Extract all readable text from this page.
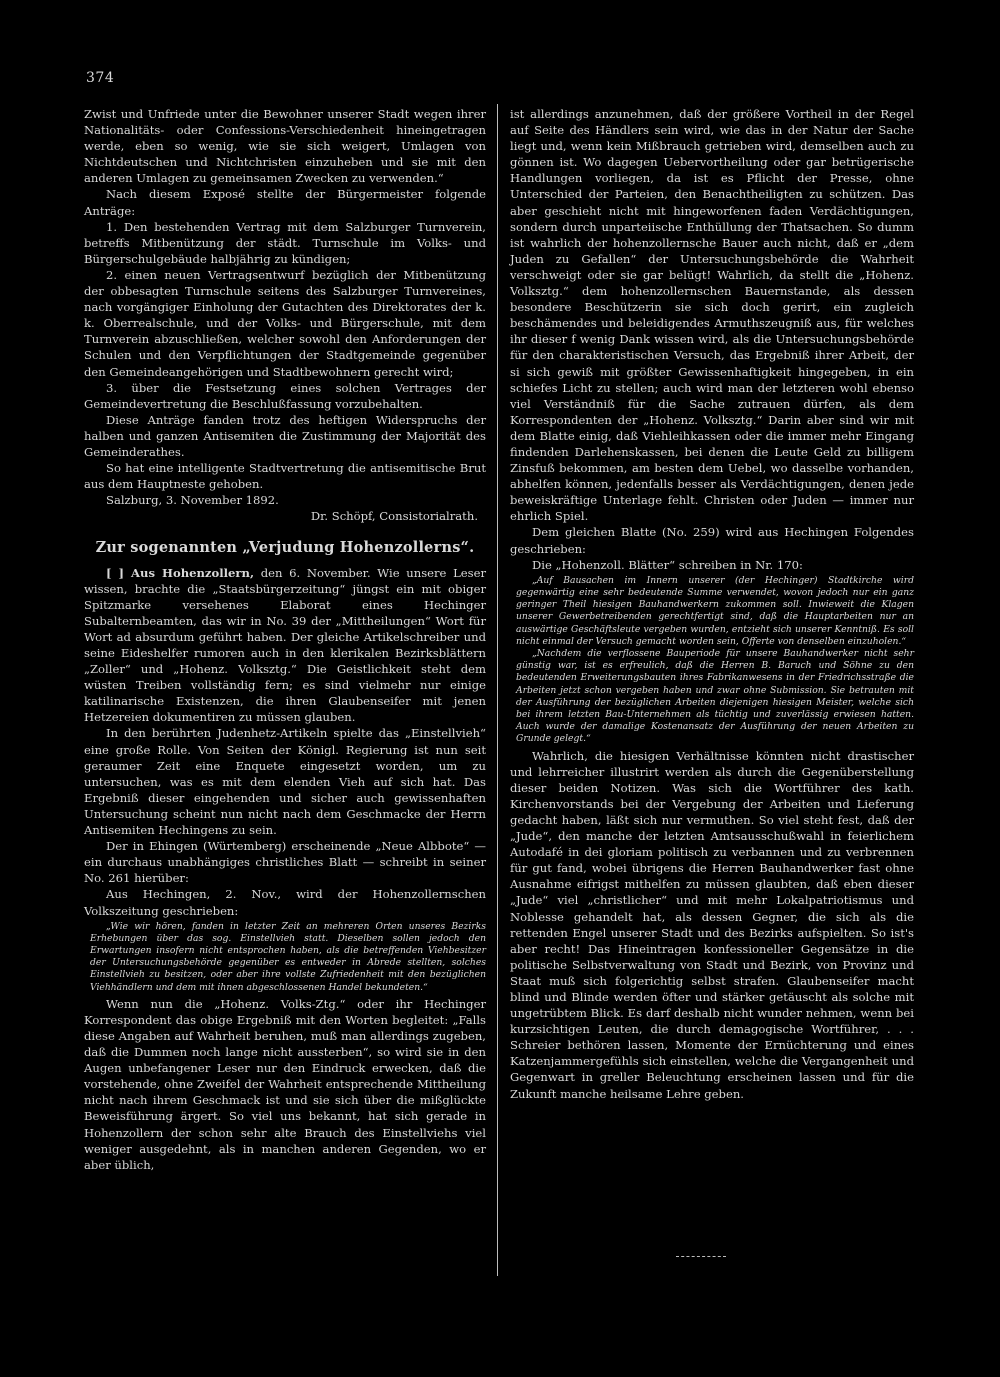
374

Zwist und Unfriede unter die Bewohner unserer Stadt wegen ihrer Nationalitäts- oder Confessions-Verschiedenheit hineingetragen werde, eben so wenig, wie sie sich weigert, Umlagen von Nichtdeutschen und Nichtchristen einzuheben und sie mit den anderen Umlagen zu gemeinsamen Zwecken zu verwenden.“

Nach diesem Exposé stellte der Bürgermeister folgende Anträge:

1. Den bestehenden Vertrag mit dem Salzburger Turnverein, betreffs Mitbenützung der städt. Turnschule im Volks- und Bürgerschulgebäude halbjährig zu kündigen;

2. einen neuen Vertragsentwurf bezüglich der Mitbenützung der obbesagten Turnschule seitens des Salzburger Turnvereines, nach vorgängiger Einholung der Gutachten des Direktorates der k. k. Oberrealschule, und der Volks- und Bürgerschule, mit dem Turnverein abzuschließen, welcher sowohl den Anforderungen der Schulen und den Verpflichtungen der Stadtgemeinde gegenüber den Gemeindeangehörigen und Stadtbewohnern gerecht wird;

3. über die Festsetzung eines solchen Vertrages der Gemeindevertretung die Beschlußfassung vorzubehalten.

Diese Anträge fanden trotz des heftigen Widerspruchs der halben und ganzen Antisemiten die Zustimmung der Majorität des Gemeinderathes.

So hat eine intelligente Stadtvertretung die antisemitische Brut aus dem Hauptneste gehoben.

Salzburg, 3. November 1892.

Dr. Schöpf, Consistorialrath.

Zur sogenannten „Verjudung Hohenzollerns“.

[ ] Aus Hohenzollern, den 6. November. Wie unsere Leser wissen, brachte die „Staatsbürgerzeitung“ jüngst ein mit obiger Spitzmarke versehenes Elaborat eines Hechinger Subalternbeamten, das wir in No. 39 der „Mittheilungen“ Wort für Wort ad absurdum geführt haben. Der gleiche Artikelschreiber und seine Eideshelfer rumoren auch in den klerikalen Bezirksblättern „Zoller“ und „Hohenz. Volksztg.“ Die Geistlichkeit steht dem wüsten Treiben vollständig fern; es sind vielmehr nur einige katilinarische Existenzen, die ihren Glaubenseifer mit jenen Hetzereien dokumentiren zu müssen glauben.

In den berührten Judenhetz-Artikeln spielte das „Einstellvieh“ eine große Rolle. Von Seiten der Königl. Regierung ist nun seit geraumer Zeit eine Enquete eingesetzt worden, um zu untersuchen, was es mit dem elenden Vieh auf sich hat. Das Ergebniß dieser eingehenden und sicher auch gewissenhaften Untersuchung scheint nun nicht nach dem Geschmacke der Herrn Antisemiten Hechingens zu sein.

Der in Ehingen (Würtemberg) erscheinende „Neue Albbote“ — ein durchaus unabhängiges christliches Blatt — schreibt in seiner No. 261 hierüber:

Aus Hechingen, 2. Nov., wird der Hohenzollernschen Volkszeitung geschrieben:

„Wie wir hören, fanden in letzter Zeit an mehreren Orten unseres Bezirks Erhebungen über das sog. Einstellvieh statt. Dieselben sollen jedoch den Erwartungen insofern nicht entsprochen haben, als die betreffenden Viehbesitzer der Untersuchungsbehörde gegenüber es entweder in Abrede stellten, solches Einstellvieh zu besitzen, oder aber ihre vollste Zufriedenheit mit den bezüglichen Viehhändlern und dem mit ihnen abgeschlossenen Handel bekundeten.“

Wenn nun die „Hohenz. Volks-Ztg.“ oder ihr Hechinger Korrespondent das obige Ergebniß mit den Worten begleitet: „Falls diese Angaben auf Wahrheit beruhen, muß man allerdings zugeben, daß die Dummen noch lange nicht aussterben“, so wird sie in den Augen unbefangener Leser nur den Eindruck erwecken, daß die vorstehende, ohne Zweifel der Wahrheit entsprechende Mittheilung nicht nach ihrem Geschmack ist und sie sich über die mißglückte Beweisführung ärgert. So viel uns bekannt, hat sich gerade in Hohenzollern der schon sehr alte Brauch des Einstellviehs viel weniger ausgedehnt, als in manchen anderen Gegenden, wo er aber üblich,

ist allerdings anzunehmen, daß der größere Vortheil in der Regel auf Seite des Händlers sein wird, wie das in der Natur der Sache liegt und, wenn kein Mißbrauch getrieben wird, demselben auch zu gönnen ist. Wo dagegen Uebervortheilung oder gar betrügerische Handlungen vorliegen, da ist es Pflicht der Presse, ohne Unterschied der Parteien, den Benachtheiligten zu schützen. Das aber geschieht nicht mit hingeworfenen faden Verdächtigungen, sondern durch unparteiische Enthüllung der Thatsachen. So dumm ist wahrlich der hohenzollernsche Bauer auch nicht, daß er „dem Juden zu Gefallen“ der Untersuchungsbehörde die Wahrheit verschweigt oder sie gar belügt! Wahrlich, da stellt die „Hohenz. Volksztg.“ dem hohenzollernschen Bauernstande, als dessen besondere Beschützerin sie sich doch gerirt, ein zugleich beschämendes und beleidigendes Armuthszeugniß aus, für welches ihr dieser f wenig Dank wissen wird, als die Untersuchungsbehörde für den charakteristischen Versuch, das Ergebniß ihrer Arbeit, der si sich gewiß mit größter Gewissenhaftigkeit hingegeben, in ein schiefes Licht zu stellen; auch wird man der letzteren wohl ebenso viel Verständniß für die Sache zutrauen dürfen, als dem Korrespondenten der „Hohenz. Volksztg.“ Darin aber sind wir mit dem Blatte einig, daß Viehleihkassen oder die immer mehr Eingang findenden Darlehenskassen, bei denen die Leute Geld zu billigem Zinsfuß bekommen, am besten dem Uebel, wo dasselbe vorhanden, abhelfen können, jedenfalls besser als Verdächtigungen, denen jede beweiskräftige Unterlage fehlt. Christen oder Juden — immer nur ehrlich Spiel.

Dem gleichen Blatte (No. 259) wird aus Hechingen Folgendes geschrieben:

Die „Hohenzoll. Blätter“ schreiben in Nr. 170:

„Auf Bausachen im Innern unserer (der Hechinger) Stadtkirche wird gegenwärtig eine sehr bedeutende Summe verwendet, wovon jedoch nur ein ganz geringer Theil hiesigen Bauhandwerkern zukommen soll. Inwieweit die Klagen unserer Gewerbetreibenden gerechtfertigt sind, daß die Hauptarbeiten nur an auswärtige Geschäftsleute vergeben wurden, entzieht sich unserer Kenntniß. Es soll nicht einmal der Versuch gemacht worden sein, Offerte von denselben einzuholen.“

„Nachdem die verflossene Bauperiode für unsere Bauhandwerker nicht sehr günstig war, ist es erfreulich, daß die Herren B. Baruch und Söhne zu den bedeutenden Erweiterungsbauten ihres Fabrikanwesens in der Friedrichsstraße die Arbeiten jetzt schon vergeben haben und zwar ohne Submission. Sie betrauten mit der Ausführung der bezüglichen Arbeiten diejenigen hiesigen Meister, welche sich bei ihrem letzten Bau-Unternehmen als tüchtig und zuverlässig erwiesen hatten. Auch wurde der damalige Kostenansatz der Ausführung der neuen Arbeiten zu Grunde gelegt.“

Wahrlich, die hiesigen Verhältnisse könnten nicht drastischer und lehrreicher illustrirt werden als durch die Gegenüberstellung dieser beiden Notizen. Was sich die Wortführer des kath. Kirchenvorstands bei der Vergebung der Arbeiten und Lieferung gedacht haben, läßt sich nur vermuthen. So viel steht fest, daß der „Jude“, den manche der letzten Amtsausschußwahl in feierlichem Autodafé in dei gloriam politisch zu verbannen und zu verbrennen für gut fand, wobei übrigens die Herren Bauhandwerker fast ohne Ausnahme eifrigst mithelfen zu müssen glaubten, daß eben dieser „Jude“ viel „christlicher“ und mit mehr Lokalpatriotismus und Noblesse gehandelt hat, als dessen Gegner, die sich als die rettenden Engel unserer Stadt und des Bezirks aufspielten. So ist's aber recht! Das Hineintragen konfessioneller Gegensätze in die politische Selbstverwaltung von Stadt und Bezirk, von Provinz und Staat muß sich folgerichtig selbst strafen. Glaubenseifer macht blind und Blinde werden öfter und stärker getäuscht als solche mit ungetrübtem Blick. Es darf deshalb nicht wunder nehmen, wenn bei kurzsichtigen Leuten, die durch demagogische Wortführer, . . . Schreier bethören lassen, Momente der Ernüchterung und eines Katzenjammergefühls sich einstellen, welche die Vergangenheit und Gegenwart in greller Beleuchtung erscheinen lassen und für die Zukunft manche heilsame Lehre geben.
